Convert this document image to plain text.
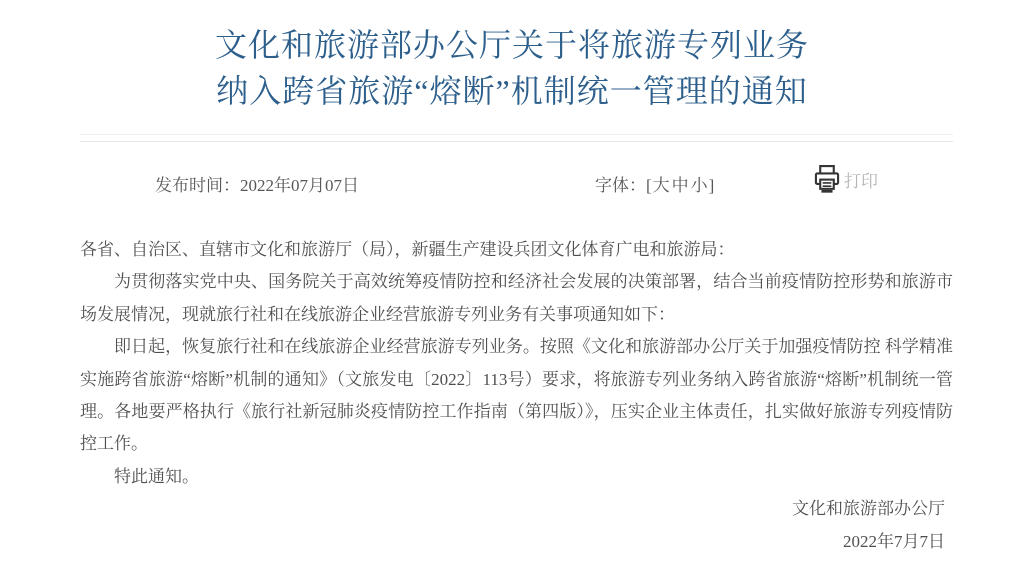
文化和旅游部办公厅关于将旅游专列业务
纳入跨省旅游“熔断”机制统一管理的通知
发布时间：2022年07月07日	字体：[大 中 小]	打印

各省、自治区、直辖市文化和旅游厅（局），新疆生产建设兵团文化体育广电和旅游局：

为贯彻落实党中央、国务院关于高效统筹疫情防控和经济社会发展的决策部署，结合当前疫情防控形势和旅游市场发展情况，现就旅行社和在线旅游企业经营旅游专列业务有关事项通知如下：

即日起，恢复旅行社和在线旅游企业经营旅游专列业务。按照《文化和旅游部办公厅关于加强疫情防控 科学精准实施跨省旅游“熔断”机制的通知》（文旅发电〔2022〕113号）要求，将旅游专列业务纳入跨省旅游“熔断”机制统一管理。各地要严格执行《旅行社新冠肺炎疫情防控工作指南（第四版）》，压实企业主体责任，扎实做好旅游专列疫情防控工作。

特此通知。

文化和旅游部办公厅
2022年7月7日
